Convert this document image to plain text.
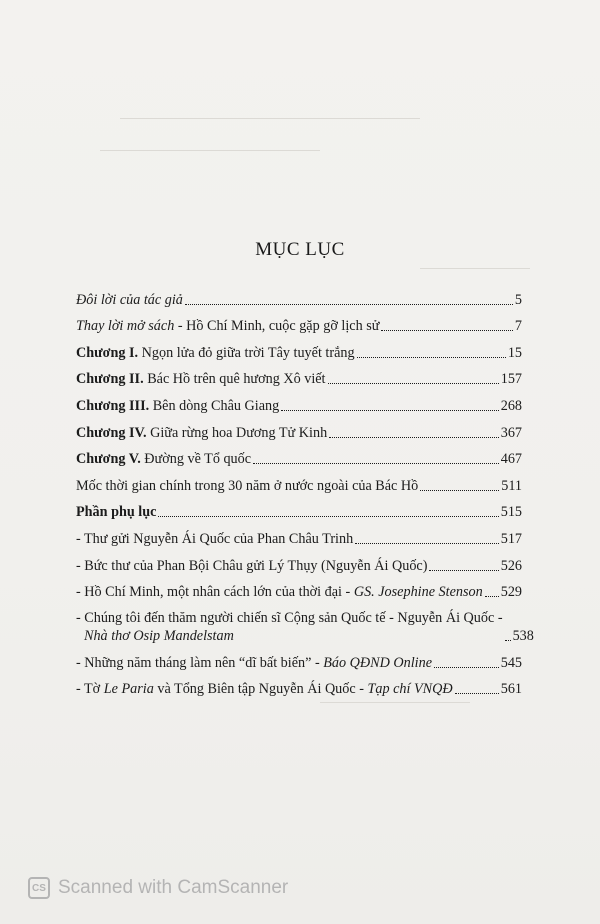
MỤC LỤC
Đôi lời của tác giả	5
Thay lời mở sách - Hồ Chí Minh, cuộc gặp gỡ lịch sử	7
Chương I. Ngọn lửa đỏ giữa trời Tây tuyết trắng	15
Chương II. Bác Hồ trên quê hương Xô viết	157
Chương III. Bên dòng Châu Giang	268
Chương IV. Giữa rừng hoa Dương Tử Kinh	367
Chương V. Đường về Tổ quốc	467
Mốc thời gian chính trong 30 năm ở nước ngoài của Bác Hồ	511
Phần phụ lục	515
- Thư gửi Nguyễn Ái Quốc của Phan Châu Trinh	517
- Bức thư của Phan Bội Châu gửi Lý Thụy (Nguyễn Ái Quốc)	526
- Hồ Chí Minh, một nhân cách lớn của thời đại - GS. Josephine Stenson 529
- Chúng tôi đến thăm người chiến sĩ Cộng sản Quốc tế - Nguyễn Ái Quốc -
Nhà thơ Osip Mandelstam	538
- Những năm tháng làm nên “dĩ bất biến” - Báo QĐND Online	545
- Tờ Le Paria và Tổng Biên tập Nguyễn Ái Quốc - Tạp chí VNQĐ	561
CS Scanned with CamScanner
